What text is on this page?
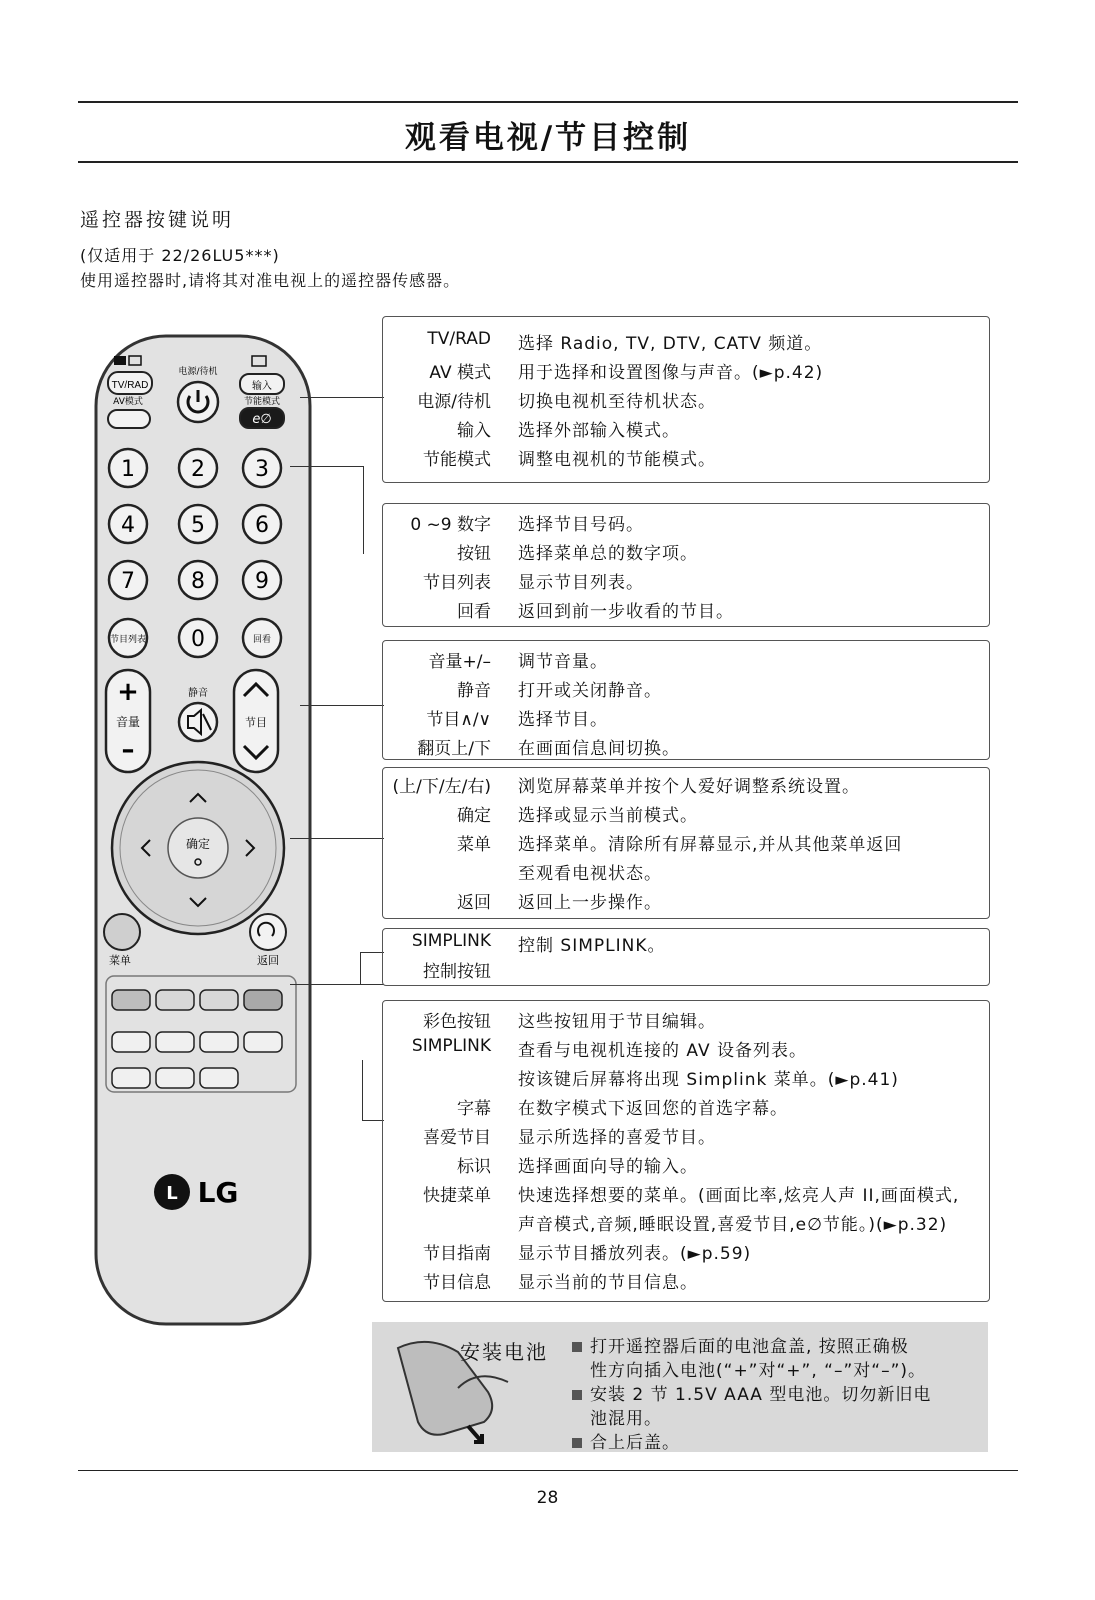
观看电视/节目控制
遥控器按键说明
(仅适用于 22/26LU5***)
使用遥控器时,请将其对准电视上的遥控器传感器。
TV/RAD
AV模式
电源/待机
输入
节能模式
e∅
1	2 3
4	5 6
7	8 9
0
节目列表	回看
+
音量
–
静音
节目
确定
菜单	返回
L LG
TV/RAD 选择 Radio, TV, DTV, CATV 频道。
AV 模式 用于选择和设置图像与声音。(►p.42)
电源/待机 切换电视机至待机状态。
输入 选择外部输入模式。
节能模式 调整电视机的节能模式。
0 ~9 数字 选择节目号码。
按钮 选择菜单总的数字项。
节目列表 显示节目列表。
回看 返回到前一步收看的节目。
音量+/– 调节音量。
静音 打开或关闭静音。
节目∧/∨ 选择节目。
翻页上/下 在画面信息间切换。
(上/下/左/右) 浏览屏幕菜单并按个人爱好调整系统设置。
确定 选择或显示当前模式。
菜单 选择菜单。清除所有屏幕显示,并从其他菜单返回
至观看电视状态。
返回 返回上一步操作。
SIMPLINK 控制 SIMPLINK。
控制按钮
彩色按钮 这些按钮用于节目编辑。
SIMPLINK 查看与电视机连接的 AV 设备列表。
按该键后屏幕将出现 Simplink 菜单。(►p.41)
字幕 在数字模式下返回您的首选字幕。
喜爱节目 显示所选择的喜爱节目。
标识 选择画面向导的输入。
快捷菜单 快速选择想要的菜单。(画面比率,炫亮人声 II,画面模式,
声音模式,音频,睡眠设置,喜爱节目,e∅节能。)(►p.32)
节目指南 显示节目播放列表。(►p.59)
节目信息 显示当前的节目信息。
安装电池	打开遥控器后面的电池盒盖, 按照正确极
性方向插入电池(“+”对“+”, “–”对“–”)。
安装 2 节 1.5V AAA 型电池。切勿新旧电
池混用。
合上后盖。
28
